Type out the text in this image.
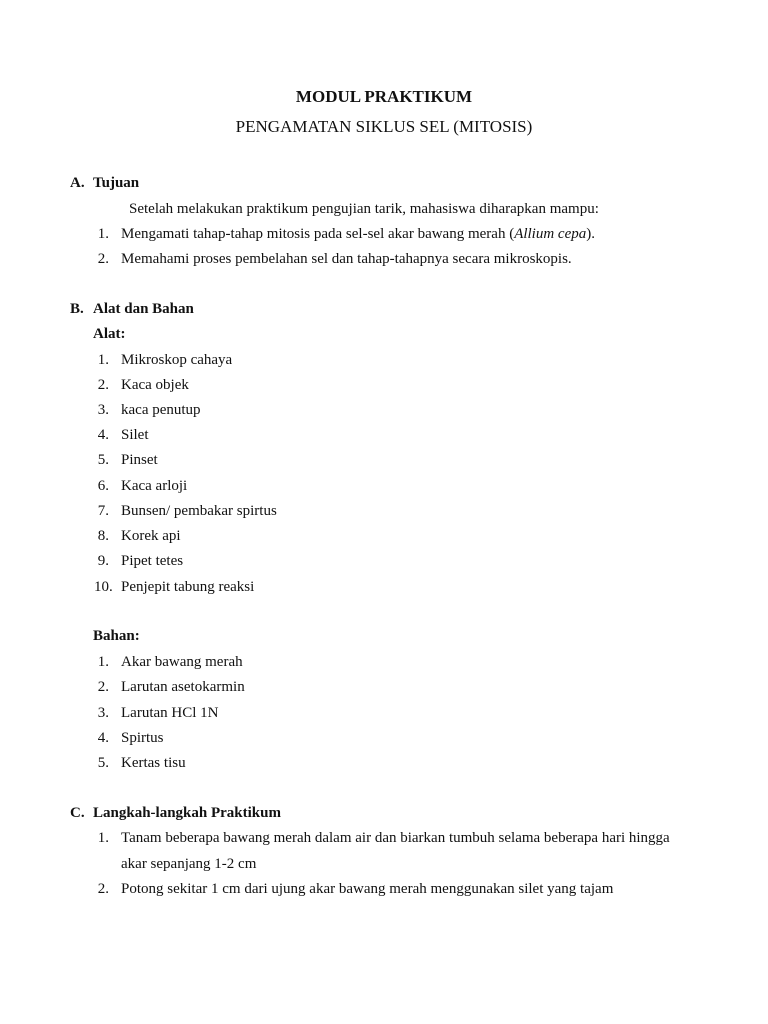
MODUL PRAKTIKUM
PENGAMATAN SIKLUS SEL (MITOSIS)
A. Tujuan
Setelah melakukan praktikum pengujian tarik, mahasiswa diharapkan mampu:
1. Mengamati tahap-tahap mitosis pada sel-sel akar bawang merah (Allium cepa).
2. Memahami proses pembelahan sel dan tahap-tahapnya secara mikroskopis.
B. Alat dan Bahan
Alat:
1. Mikroskop cahaya
2. Kaca objek
3. kaca penutup
4. Silet
5. Pinset
6. Kaca arloji
7. Bunsen/ pembakar spirtus
8. Korek api
9. Pipet tetes
10. Penjepit tabung reaksi
Bahan:
1. Akar bawang merah
2. Larutan asetokarmin
3. Larutan HCl 1N
4. Spirtus
5. Kertas tisu
C. Langkah-langkah Praktikum
1. Tanam beberapa bawang merah dalam air dan biarkan tumbuh selama beberapa hari hingga
akar sepanjang 1-2 cm
2. Potong sekitar 1 cm dari ujung akar bawang merah menggunakan silet yang tajam
